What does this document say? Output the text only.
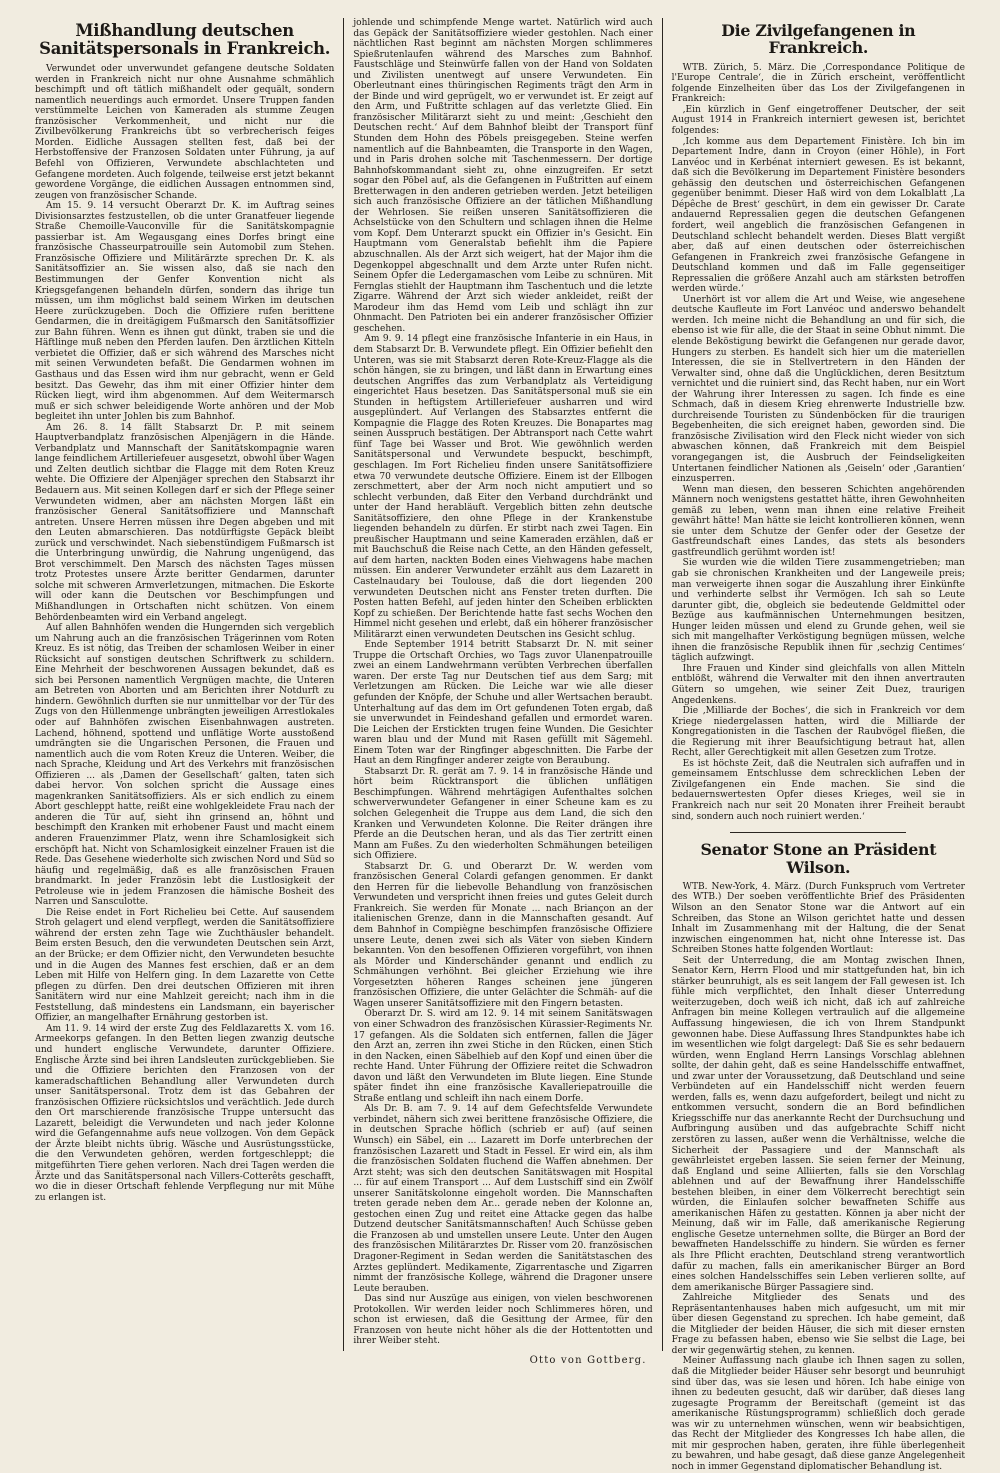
Mißhandlung deutschen Sanitätspersonals in Frankreich.

Verwundet oder unverwundet gefangene deutsche Soldaten werden in Frankreich nicht nur ohne Ausnahme schmählich beschimpft und oft tätlich mißhandelt oder gequält, sondern namentlich neuerdings auch ermordet. Unsere Truppen fanden verstümmelte Leichen von Kameraden als stumme Zeugen französischer Verkommenheit, und nicht nur die Zivilbevölkerung Frankreichs übt so verbrecherisch feiges Morden. Eidliche Aussagen stellten fest, daß bei der Herbstoffensive der Franzosen Soldaten unter Führung, ja auf Befehl von Offizieren, Verwundete abschlachteten und Gefangene mordeten. Auch folgende, teilweise erst jetzt bekannt gewordene Vorgänge, die eidlichen Aussagen entnommen sind, zeugen von französischer Schande.

Am 15. 9. 14 versucht Oberarzt Dr. K. im Auftrag seines Divisionsarztes festzustellen, ob die unter Granatfeuer liegende Straße Chemoille-Vauconville für die Sanitätskompagnie passierbar ist. Am Wegausgang eines Dorfes bringt eine französische Chasseurpatrouille sein Automobil zum Stehen. Französische Offiziere und Militärärzte sprechen Dr. K. als Sanitätsoffizier an. Sie wissen also, daß sie nach den Bestimmungen der Genfer Konvention nicht als Kriegsgefangenen behandeln dürfen, sondern das ihrige tun müssen, um ihm möglichst bald seinem Wirken im deutschen Heere zurückzugeben. Doch die Offiziere rufen berittene Gendarmen, die in dreitägigem Fußmarsch den Sanitätsoffizier zur Bahn führen. Wenn es ihnen gut dünkt, traben sie und die Häftlinge muß neben den Pferden laufen. Den ärztlichen Kitteln verbietet die Offizier, daß er sich während des Marsches nicht mit seinen Verwundeten befaßt. Die Gendarmen wohnen im Gasthaus und das Essen wird ihm nur gebracht, wenn er Geld besitzt. Das Gewehr, das ihm mit einer Offizier hinter dem Rücken liegt, wird ihm abgenommen. Auf dem Weitermarsch muß er sich schwer beleidigende Worte anhören und der Mob begleitet ihn unter Johlen bis zum Bahnhof.

Am 26. 8. 14 fällt Stabsarzt Dr. P. mit seinem Hauptverbandplatz französischen Alpenjägern in die Hände. Verbandplatz und Mannschaft der Sanitätskompagnie waren lange feindlichem Artilleriefeuer ausgesetzt, obwohl über Wagen und Zelten deutlich sichtbar die Flagge mit dem Roten Kreuz wehte. Die Offiziere der Alpenjäger sprechen den Stabsarzt ihr Bedauern aus. Mit seinen Kollegen darf er sich der Pflege seiner Verwundeten widmen, aber am nächsten Morgen läßt ein französischer General Sanitätsoffiziere und Mannschaft antreten. Unsere Herren müssen ihre Degen abgeben und mit den Leuten abmarschieren. Das notdürftigste Gepäck bleibt zurück und verschwindet. Nach siebenstündigem Fußmarsch ist die Unterbringung unwürdig, die Nahrung ungenügend, das Brot verschimmelt. Den Marsch des nächsten Tages müssen trotz Protestes unsere Ärzte beritter Gendarmen, darunter solche mit schweren Armverletzungen, mitmachen. Die Eskorte will oder kann die Deutschen vor Beschimpfungen und Mißhandlungen in Ortschaften nicht schützen. Von einem Behördenbeamten wird ein Verband angelegt.

Auf allen Bahnhöfen wenden die Hungernden sich vergeblich um Nahrung auch an die französischen Trägerinnen vom Roten Kreuz. Es ist nötig, das Treiben der schamlosen Weiber in einer Rücksicht auf sonstigen deutschen Schriftwerk zu schildern. Eine Mehrheit der beschworenen Aussagen bekundet, daß es sich bei Personen namentlich Vergnügen machte, die Unteren am Betreten von Aborten und am Berichten ihrer Notdurft zu hindern. Gewöhnlich durften sie nur unmittelbar vor der Tür des Zugs von den Hüllenmenge unbrängten jeweiligen Arrestlokales oder auf Bahnhöfen zwischen Eisenbahnwagen austreten. Lachend, höhnend, spottend und unflätige Worte ausstoßend umdrängten sie die Ungarischen Personen, die Frauen und namentlich auch die vom Roten Kreuz die Unteren. Weiber, die nach Sprache, Kleidung und Art des Verkehrs mit französischen Offizieren ... als ‚Damen der Gesellschaft‘ galten, taten sich dabei hervor. Von solchen spricht die Aussage eines magenkranken Sanitätsoffiziers. Als er sich endlich zu einem Abort geschleppt hatte, reißt eine wohlgekleidete Frau nach der anderen die Tür auf, sieht ihn grinsend an, höhnt und beschimpft den Kranken mit erhobener Faust und macht einem anderen Frauenzimmer Platz, wenn ihre Schamlosigkeit sich erschöpft hat. Nicht von Schamlosigkeit einzelner Frauen ist die Rede. Das Gesehene wiederholte sich zwischen Nord und Süd so häufig und regelmäßig, daß es alle französischen Frauen brandmarkt. In jeder Französin lebt die Lustlosigkeit der Petroleuse wie in jedem Franzosen die hämische Bosheit des Narren und Sansculotte.

Die Reise endet in Fort Richelieu bei Cette. Auf sausendem Stroh gelagert und elend verpflegt, werden die Sanitätsoffiziere während der ersten zehn Tage wie Zuchthäusler behandelt. Beim ersten Besuch, den die verwundeten Deutschen sein Arzt, an der Brücke; er dem Offizier nicht, den Verwundeten besuchte und in die Augen des Mannes fest erschien, daß er an dem Leben mit Hilfe von Helfern ging. In dem Lazarette von Cette pflegen zu dürfen. Den drei deutschen Offizieren mit ihren Sanitätern wird nur eine Mahlzeit gereicht; nach ihm in die Feststellung, daß mindestens ein Landsmann, ein bayerischer Offizier, an mangelhafter Ernährung gestorben ist.

Am 11. 9. 14 wird der erste Zug des Feldlazaretts X. vom 16. Armeekorps gefangen. In den Betten liegen zwanzig deutsche und hundert englische Verwundete, darunter Offiziere. Englische Ärzte sind bei ihren Landsleuten zurückgeblieben. Sie und die Offiziere berichten den Franzosen von der kameradschaftlichen Behandlung aller Verwundeten durch unser Sanitätspersonal. Trotz dem ist das Gebahren der französischen Offiziere rücksichtslos und verächtlich. Jede durch den Ort marschierende französische Truppe untersucht das Lazarett, beleidigt die Verwundeten und nach jeder Kolonne wird die Gefangennahme aufs neue vollzogen. Von dem Gepäck der Ärzte bleibt nichts übrig. Wäsche und Ausrüstungsstücke, die den Verwundeten gehören, werden fortgeschleppt; die mitgeführten Tiere gehen verloren. Nach drei Tagen werden die Ärzte und das Sanitätspersonal nach Villers-Cotterêts geschafft, wo die in dieser Ortschaft fehlende Verpflegung nur mit Mühe zu erlangen ist.

johlende und schimpfende Menge wartet. Natürlich wird auch das Gepäck der Sanitätsoffiziere wieder gestohlen. Nach einer nächtlichen Rast beginnt am nächsten Morgen schlimmeres Spießrutenlaufen während des Marsches zum Bahnhof. Faustschläge und Steinwürfe fallen von der Hand von Soldaten und Zivilisten unentwegt auf unsere Verwundeten. Ein Oberleutnant eines thüringischen Regiments trägt den Arm in der Binde und wird geprügelt, wo er verwundet ist. Er zeigt auf den Arm, und Fußtritte schlagen auf das verletzte Glied. Ein französischer Militärarzt sieht zu und meint: ‚Geschieht den Deutschen recht.‘ Auf dem Bahnhof bleibt der Transport fünf Stunden dem Hohn des Pöbels preisgegeben. Steine werfen namentlich auf die Bahnbeamten, die Transporte in den Wagen, und in Paris drohen solche mit Taschenmessern. Der dortige Bahnhofskommandant sieht zu, ohne einzugreifen. Er setzt sogar den Pöbel auf, als die Gefangenen in Fußtritten auf einem Bretterwagen in den anderen getrieben werden. Jetzt beteiligen sich auch französische Offiziere an der tätlichen Mißhandlung der Wehrlosen. Sie reißen unseren Sanitätsoffizieren die Achselstücke von den Schultern und schlagen ihnen die Helme vom Kopf. Dem Unterarzt spuckt ein Offizier in's Gesicht. Ein Hauptmann vom Generalstab befiehlt ihm die Papiere abzuschnallen. Als der Arzt sich weigert, hat der Major ihm die Degenkoppel abgeschnallt und dem Arzte unter Rufen nicht. Seinem Opfer die Ledergamaschen vom Leibe zu schnüren. Mit Fernglas stiehlt der Hauptmann ihm Taschentuch und die letzte Zigarre. Während der Arzt sich wieder ankleidet, reißt der Marodeur ihm das Hemd vom Leib und schlägt ihn zur Ohnmacht. Den Patrioten bei ein anderer französischer Offizier geschehen.

Am 9. 9. 14 pflegt eine französische Infanterie in ein Haus, in dem Stabsarzt Dr. B. Verwundete pflegt. Ein Offizier befiehlt den Unteren, was sie mit Stabsarzt deren Rote-Kreuz-Flagge als die schön hängen, sie zu bringen, und läßt dann in Erwartung eines deutschen Angriffes das zum Verbandplatz als Verteidigung eingerichtet Haus besetzen. Das Sanitätspersonal muß sie ein Stunden in heftigstem Artilleriefeuer ausharren und wird ausgeplündert. Auf Verlangen des Stabsarztes entfernt die Kompagnie die Flagge des Roten Kreuzes. Die Bonapartes mag seinen Ausspruch bestätigen. Der Abtransport nach Cette wahrt fünf Tage bei Wasser und Brot. Wie gewöhnlich werden Sanitätspersonal und Verwundete bespuckt, beschimpft, geschlagen. Im Fort Richelieu finden unsere Sanitätsoffiziere etwa 70 verwundete deutsche Offiziere. Einem ist der Ellbogen zerschmettert, aber der Arm noch nicht amputiert und so schlecht verbunden, daß Eiter den Verband durchdränkt und unter der Hand herabläuft. Vergeblich bitten zehn deutsche Sanitätsoffiziere, den ohne Pflege in der Krankenstube liegenden behandeln zu dürfen. Er stirbt nach zwei Tagen. Ein preußischer Hauptmann und seine Kameraden erzählen, daß er mit Bauchschuß die Reise nach Cette, an den Händen gefesselt, auf dem harten, nackten Boden eines Viehwagens habe machen müssen. Ein anderer Verwundeter erzählt aus dem Lazarett in Castelnaudary bei Toulouse, daß die dort liegenden 200 verwundeten Deutschen nicht ans Fenster treten durften. Die Posten hatten Befehl, auf jeden hinter den Scheiben erblickten Kopf zu schießen. Der Berichtende hatte fast sechs Wochen den Himmel nicht gesehen und erlebt, daß ein höherer französischer Militärarzt einen verwundeten Deutschen ins Gesicht schlug.

Ende September 1914 betritt Stabsarzt Dr. N. mit seiner Truppe die Ortschaft Orchies, wo Tags zuvor Ulanenpatrouille zwei an einem Landwehrmann verübten Verbrechen überfallen waren. Der erste Tag nur Deutschen tief aus dem Sarg; mit Verletzungen am Rücken. Die Leiche war wie alle dieser gefunden der Knöpfe, der Schuhe und aller Wertsachen beraubt. Unterhaltung auf das dem im Ort gefundenen Toten ergab, daß sie unverwundet in Feindeshand gefallen und ermordet waren. Die Leichen der Erstickten trugen feine Wunden. Die Gesichter waren blau und der Mund mit Rasen gefüllt mit Sägemehl. Einem Toten war der Ringfinger abgeschnitten. Die Farbe der Haut an dem Ringfinger anderer zeigte von Beraubung.

Stabsarzt Dr. R. gerät am 7. 9. 14 in französische Hände und hört beim Rücktransport die üblichen unflätigen Beschimpfungen. Während mehrtägigen Aufenthaltes solchen schwerverwundeter Gefangener in einer Scheune kam es zu solchen Gelegenheit die Truppe aus dem Land, die sich den Kranken und Verwundeten Kolonne. Die Reiter drängen ihre Pferde an die Deutschen heran, und als das Tier zertritt einen Mann am Fußes. Zu den wiederholten Schmähungen beteiligen sich Offiziere.

Stabsarzt Dr. G. und Oberarzt Dr. W. werden vom französischen General Colardi gefangen genommen. Er dankt den Herren für die liebevolle Behandlung von französischen Verwundeten und verspricht ihnen freies und gutes Geleit durch Frankreich. Sie werden für Monate ... nach Briançon an der italienischen Grenze, dann in die Mannschaften gesandt. Auf dem Bahnhof in Compiègne beschimpfen französische Offiziere unsere Leute, denen zwei sich als Väter von sieben Kindern bekannten. Von den besoffenen Offizieren vorgeführt, von ihnen als Mörder und Kinderschänder genannt und endlich zu Schmähungen verhöhnt. Bei gleicher Erziehung wie ihre Vorgesetzten höheren Ranges scheinen jene jüngeren französischen Offiziere, die unter Gelächter die Schmäh- auf die Wagen unserer Sanitätsoffiziere mit den Fingern betasten.

Oberarzt Dr. S. wird am 12. 9. 14 mit seinem Sanitätswagen von einer Schwadron des französischen Kürassier-Regiments Nr. 17 gefangen. Als die Soldaten sich entfernen, fallen die Jäger den Arzt an, zerren ihn zwei Stiche in den Rücken, einen Stich in den Nacken, einen Säbelhieb auf den Kopf und einen über die rechte Hand. Unter Führung der Offiziere reitet die Schwadron davon und läßt den Verwundeten im Blute liegen. Eine Stunde später findet ihn eine französische Kavalleriepatrouille die Straße entlang und schleift ihn nach einem Dorfe.

Als Dr. B. am 7. 9. 14 auf dem Gefechtsfelde Verwundete verbindet, nähern sich zwei berittene französische Offiziere, die in deutschen Sprache höflich (schrieb er auf) (auf seinen Wunsch) ein Säbel, ein ... Lazarett im Dorfe unterbrechen der französischen Lazarett und Stadt in Fessel. Er wird ein, als ihm die französischen Soldaten fluchend die Waffen abnehmen. Der Arzt steht; was sich den deutschen Sanitätswagen mit Hospital ... für auf einem Transport ... Auf dem Lustschiff sind ein Zwölf unserer Sanitätskolonne eingeholt worden. Die Mannschaften treten gerade neben dem Ar... gerade neben der Kolonne an, gestochen einen Zug und reitet eine Attacke gegen das halbe Dutzend deutscher Sanitätsmannschaften! Auch Schüsse geben die Franzosen ab und umstellen unsere Leute. Unter den Augen des französischen Militärarztes Dr. Risser vom 20. französischen Dragoner-Regiment in Sedan werden die Sanitätstaschen des Arztes geplündert. Medikamente, Zigarrentasche und Zigarren nimmt der französische Kollege, während die Dragoner unsere Leute berauben.

Das sind nur Auszüge aus einigen, von vielen beschworenen Protokollen. Wir werden leider noch Schlimmeres hören, und schon ist erwiesen, daß die Gesittung der Armee, für den Franzosen von heute nicht höher als die der Hottentotten und ihrer Weiber steht.

Otto von Gottberg.
Die Zivilgefangenen in Frankreich.

WTB. Zürich, 5. März. Die ‚Correspondance Politique de l'Europe Centrale‘, die in Zürich erscheint, veröffentlicht folgende Einzelheiten über das Los der Zivilgefangenen in Frankreich:

‚Ein kürzlich in Genf eingetroffener Deutscher, der seit August 1914 in Frankreich interniert gewesen ist, berichtet folgendes:

‚Ich komme aus dem Departement Finistère. Ich bin im Departement Indre, dann in Croyon (einer Höhle), in Fort Lanvéoc und in Kerbénat interniert gewesen. Es ist bekannt, daß sich die Bevölkerung im Departement Finistère besonders gehässig den deutschen und österreichischen Gefangenen gegenüber benimmt. Dieser Haß wird von dem Lokalblatt ‚La Dépêche de Brest‘ geschürt, in dem ein gewisser Dr. Carate andauernd Repressalien gegen die deutschen Gefangenen fordert, weil angeblich die französischen Gefangenen in Deutschland schlecht behandelt werden. Dieses Blatt vergißt aber, daß auf einen deutschen oder österreichischen Gefangenen in Frankreich zwei französische Gefangene in Deutschland kommen und daß im Falle gegenseitiger Repressalien die größere Anzahl auch am stärksten betroffen werden würde.‘

Unerhört ist vor allem die Art und Weise, wie angesehene deutsche Kaufleute im Fort Lanvéoc und anderswo behandelt werden. Ich meine nicht die Behandlung an und für sich, die ebenso ist wie für alle, die der Staat in seine Obhut nimmt. Die elende Beköstigung bewirkt die Gefangenen nur gerade davor, Hungers zu sterben. Es handelt sich hier um die materiellen Interessen, die sie in Stellvertretern in den Händen der Verwalter sind, ohne daß die Unglücklichen, deren Besitztum vernichtet und die ruiniert sind, das Recht haben, nur ein Wort der Wahrung ihrer Interessen zu sagen. Ich finde es eine Schmach, daß in diesem Krieg ehrenwerte Industrielle bzw. durchreisende Touristen zu Sündenböcken für die traurigen Begebenheiten, die sich ereignet haben, geworden sind. Die französische Zivilisation wird den Fleck nicht wieder von sich abwaschen können, daß Frankreich mit dem Beispiel vorangegangen ist, die Ausbruch der Feindseligkeiten Untertanen feindlicher Nationen als ‚Geiseln‘ oder ‚Garantien‘ einzusperren.

Wenn man diesen, den besseren Schichten angehörenden Männern noch wenigstens gestattet hätte, ihren Gewohnheiten gemäß zu leben, wenn man ihnen eine relative Freiheit gewährt hätte! Man hätte sie leicht kontrollieren können, wenn sie unter dem Schutze der Genfer oder der Gesetze der Gastfreundschaft eines Landes, das stets als besonders gastfreundlich gerühmt worden ist!

Sie wurden wie die wilden Tiere zusammengetrieben; man gab sie chronischen Krankheiten und der Langeweile preis; man verweigerte ihnen sogar die Auszahlung ihrer Einkünfte und verhinderte selbst ihr Vermögen. Ich sah so Leute darunter gibt, die, obgleich sie bedeutende Geldmittel oder Bezüge aus kaufmännischen Unternehmungen besitzen, Hunger leiden müssen und elend zu Grunde gehen, weil sie sich mit mangelhafter Verköstigung begnügen müssen, welche ihnen die französische Republik ihnen für ‚sechzig Centimes‘ täglich aufzwingt.

Ihre Frauen und Kinder sind gleichfalls von allen Mitteln entblößt, während die Verwalter mit den ihnen anvertrauten Gütern so umgehen, wie seiner Zeit Duez, traurigen Angedenkens.

Die ‚Milliarde der Boches‘, die sich in Frankreich vor dem Kriege niedergelassen hatten, wird die Milliarde der Kongregationisten in die Taschen der Raubvögel fließen, die die Regierung mit ihrer Beaufsichtigung betraut hat, allen Recht, aller Gerechtigkeit mit allen Gesetzen zum Trotze.

Es ist höchste Zeit, daß die Neutralen sich aufraffen und in gemeinsamem Entschlusse dem schrecklichen Leben der Zivilgefangenen ein Ende machen. Sie sind die bedauernswertesten Opfer dieses Krieges, weil sie in Frankreich nach nur seit 20 Monaten ihrer Freiheit beraubt sind, sondern auch noch ruiniert werden.‘

Senator Stone an Präsident Wilson.

WTB. New-York, 4. März. (Durch Funkspruch vom Vertreter des WTB.) Der soeben veröffentlichte Brief des Präsidenten Wilson an den Senator Stone war die Antwort auf ein Schreiben, das Stone an Wilson gerichtet hatte und dessen Inhalt im Zusammenhang mit der Haltung, die der Senat inzwischen eingenommen hat, nicht ohne Interesse ist. Das Schreiben Stones hatte folgenden Wortlaut:

Seit der Unterredung, die am Montag zwischen Ihnen, Senator Kern, Herrn Flood und mir stattgefunden hat, bin ich stärker beunruhigt, als es seit langem der Fall gewesen ist. Ich fühle mich verpflichtet, den Inhalt dieser Unterredung weiterzugeben, doch weiß ich nicht, daß ich auf zahlreiche Anfragen bin meine Kollegen vertraulich auf die allgemeine Auffassung hingewiesen, die ich von Ihrem Standpunkt gewonnen habe. Diese Auffassung Ihres Standpunktes habe ich im wesentlichen wie folgt dargelegt: Daß Sie es sehr bedauern würden, wenn England Herrn Lansings Vorschlag ablehnen sollte, der dahin geht, daß es seine Handelsschiffe entwaffnet, und zwar unter der Voraussetzung, daß Deutschland und seine Verbündeten auf ein Handelsschiff nicht werden feuern werden, falls es, wenn dazu aufgefordert, beilegt und nicht zu entkommen versucht, sondern die an Bord befindlichen Kriegsschiffe nur das anerkannte Recht der Durchsuchung und Aufbringung ausüben und das aufgebrachte Schiff nicht zerstören zu lassen, außer wenn die Verhältnisse, welche die Sicherheit der Passagiere und der Mannschaft als gewährleistet ergeben lassen. Sie seien ferner der Meinung, daß England und seine Alliierten, falls sie den Vorschlag ablehnen und auf der Bewaffnung ihrer Handelsschiffe bestehen bleiben, in einer dem Völkerrecht berechtigt sein würden, die Einlaufen solcher bewaffneten Schiffe aus amerikanischen Häfen zu gestatten. Können ja aber nicht der Meinung, daß wir im Falle, daß amerikanische Regierung englische Gesetze unternehmen sollte, die Bürger an Bord der bewaffneten Handelsschiffe zu hindern. Sie würden es ferner als Ihre Pflicht erachten, Deutschland streng verantwortlich dafür zu machen, falls ein amerikanischer Bürger an Bord eines solchen Handelsschiffes sein Leben verlieren sollte, auf dem amerikanische Bürger Passagiere sind.

Zahlreiche Mitglieder des Senats und des Repräsentantenhauses haben mich aufgesucht, um mit mir über diesen Gegenstand zu sprechen. Ich habe gemeint, daß die Mitglieder der beiden Häuser, die sich mit dieser ernsten Frage zu befassen haben, ebenso wie Sie selbst die Lage, bei der wir gegenwärtig stehen, zu kennen.

Meiner Auffassung nach glaube ich Ihnen sagen zu sollen, daß die Mitglieder beider Häuser sehr besorgt und beunruhigt sind über das, was sie lesen und hören. Ich habe einige von ihnen zu bedeuten gesucht, daß wir darüber, daß dieses lang zugesagte Programm der Bereitschaft (gemeint ist das amerikanische Rüstungsprogramm) schließlich doch gerade was wir zu unternehmen wünschen, wenn wir beabsichtigen, das Recht der Mitglieder des Kongresses Ich habe allen, die mit mir gesprochen haben, geraten, ihre fühle überlegenheit zu bewahren, und habe gesagt, daß diese ganze Angelegenheit noch in immer Gegenstand diplomatischer Behandlung ist.
